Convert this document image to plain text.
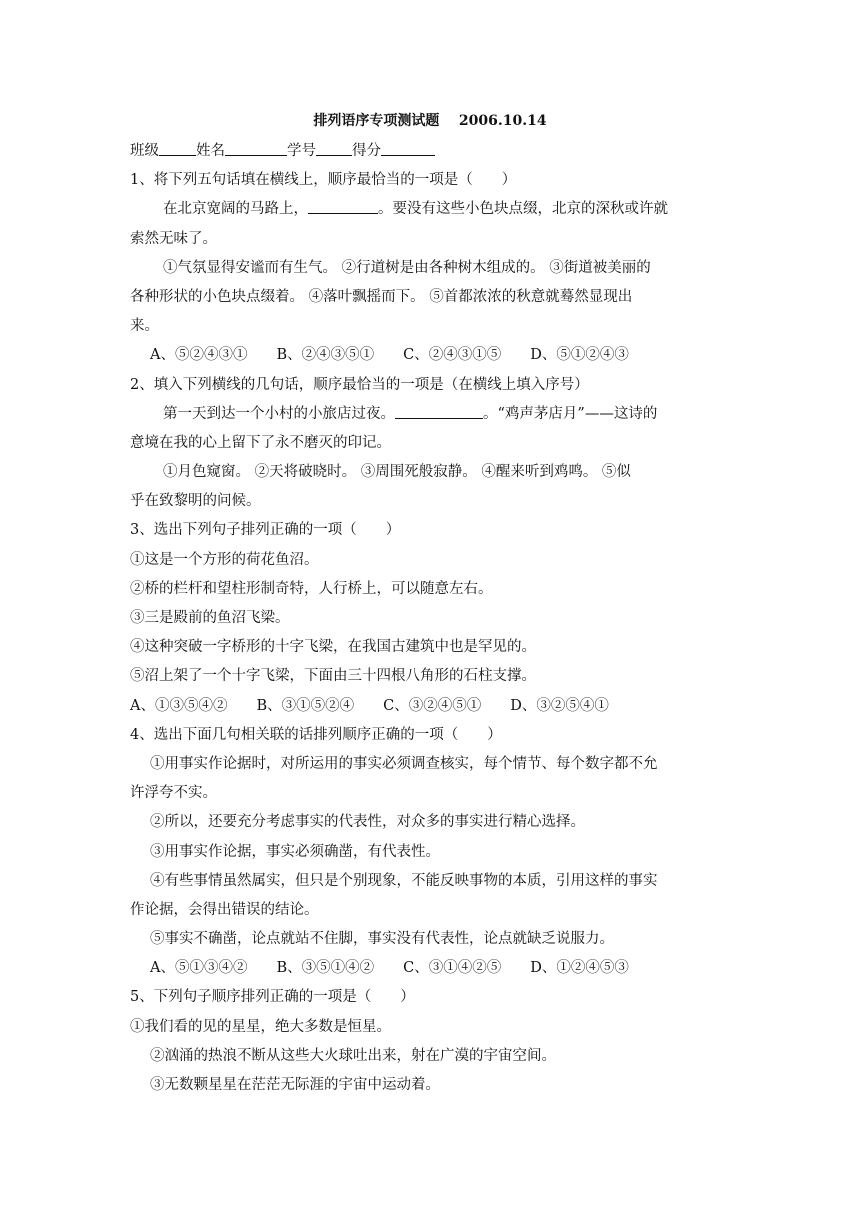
排列语序专项测试题    2006.10.14
班级	姓名	学号 得分
1、将下列五句话填在横线上，顺序最恰当的一项是（　　）
在北京宽阔的马路上，	。要没有这些小色块点缀，北京的深秋或许就
索然无味了。
①气氛显得安谧而有生气。 ②行道树是由各种树木组成的。 ③街道被美丽的
各种形状的小色块点缀着。 ④落叶飘摇而下。 ⑤首都浓浓的秋意就蓦然显现出
来。
A、⑤②④③①　　B、②④③⑤①　　C、②④③①⑤　　D、⑤①②④③
2、填入下列横线的几句话，顺序最恰当的一项是（在横线上填入序号）
第一天到达一个小村的小旅店过夜。	。“鸡声茅店月”——这诗的
意境在我的心上留下了永不磨灭的印记。
①月色窥窗。 ②天将破晓时。 ③周围死般寂静。 ④醒来听到鸡鸣。 ⑤似
乎在致黎明的问候。
3、选出下列句子排列正确的一项（　　）
①这是一个方形的荷花鱼沼。
②桥的栏杆和望柱形制奇特，人行桥上，可以随意左右。
③三是殿前的鱼沼飞梁。
④这种突破一字桥形的十字飞梁，在我国古建筑中也是罕见的。
⑤沼上架了一个十字飞梁，下面由三十四根八角形的石柱支撑。
A、①③⑤④②　　B、③①⑤②④　　C、③②④⑤①　　D、③②⑤④①
4、选出下面几句相关联的话排列顺序正确的一项（　　）
①用事实作论据时，对所运用的事实必须调查核实，每个情节、每个数字都不允
许浮夸不实。
②所以，还要充分考虑事实的代表性，对众多的事实进行精心选择。
③用事实作论据，事实必须确凿，有代表性。
④有些事情虽然属实，但只是个别现象，不能反映事物的本质，引用这样的事实
作论据，会得出错误的结论。
⑤事实不确凿，论点就站不住脚，事实没有代表性，论点就缺乏说服力。
A、⑤①③④②　　B、③⑤①④②　　C、③①④②⑤　　D、①②④⑤③
5、下列句子顺序排列正确的一项是（　　）
①我们看的见的星星，绝大多数是恒星。
②汹涌的热浪不断从这些大火球吐出来，射在广漠的宇宙空间。
③无数颗星星在茫茫无际涯的宇宙中运动着。
